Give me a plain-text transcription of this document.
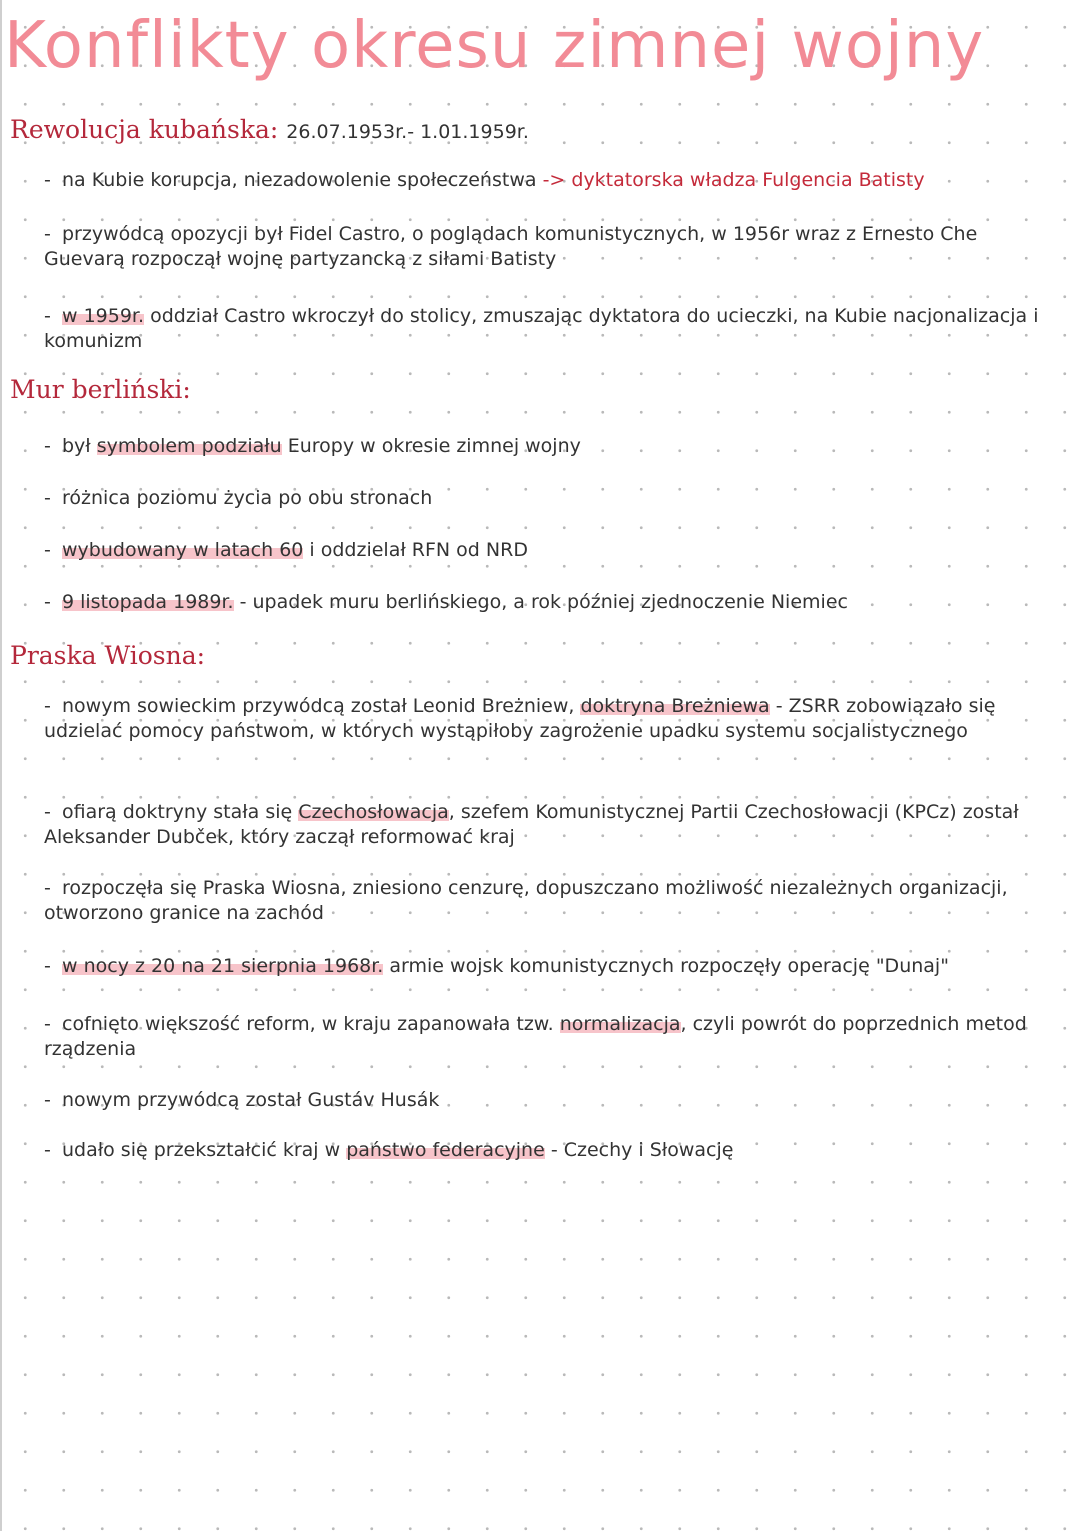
Konflikty okresu zimnej wojny
Rewolucja kubańska: 26.07.1953r.- 1.01.1959r.
- na Kubie korupcja, niezadowolenie społeczeństwa -> dyktatorska władza Fulgencia Batisty
- przywódcą opozycji był Fidel Castro, o poglądach komunistycznych, w 1956r wraz z Ernesto Che Guevarą rozpoczął wojnę partyzancką z siłami Batisty
- w 1959r. oddział Castro wkroczył do stolicy, zmuszając dyktatora do ucieczki, na Kubie nacjonalizacja i komunizm
Mur berliński:
- był symbolem podziału Europy w okresie zimnej wojny
- różnica poziomu życia po obu stronach
- wybudowany w latach 60 i oddzielał RFN od NRD
- 9 listopada 1989r. - upadek muru berlińskiego, a rok później zjednoczenie Niemiec
Praska Wiosna:
- nowym sowieckim przywódcą został Leonid Breżniew, doktryna Breżniewa - ZSRR zobowiązało się udzielać pomocy państwom, w których wystąpiłoby zagrożenie upadku systemu socjalistycznego
- ofiarą doktryny stała się Czechosłowacja, szefem Komunistycznej Partii Czechosłowacji (KPCz) został Aleksander Dubček, który zaczął reformować kraj
- rozpoczęła się Praska Wiosna, zniesiono cenzurę, dopuszczano możliwość niezależnych organizacji, otworzono granice na zachód
- w nocy z 20 na 21 sierpnia 1968r. armie wojsk komunistycznych rozpoczęły operację "Dunaj"
- cofnięto większość reform, w kraju zapanowała tzw. normalizacja, czyli powrót do poprzednich metod rządzenia
- nowym przywódcą został Gustáv Husák
- udało się przekształcić kraj w państwo federacyjne - Czechy i Słowację
